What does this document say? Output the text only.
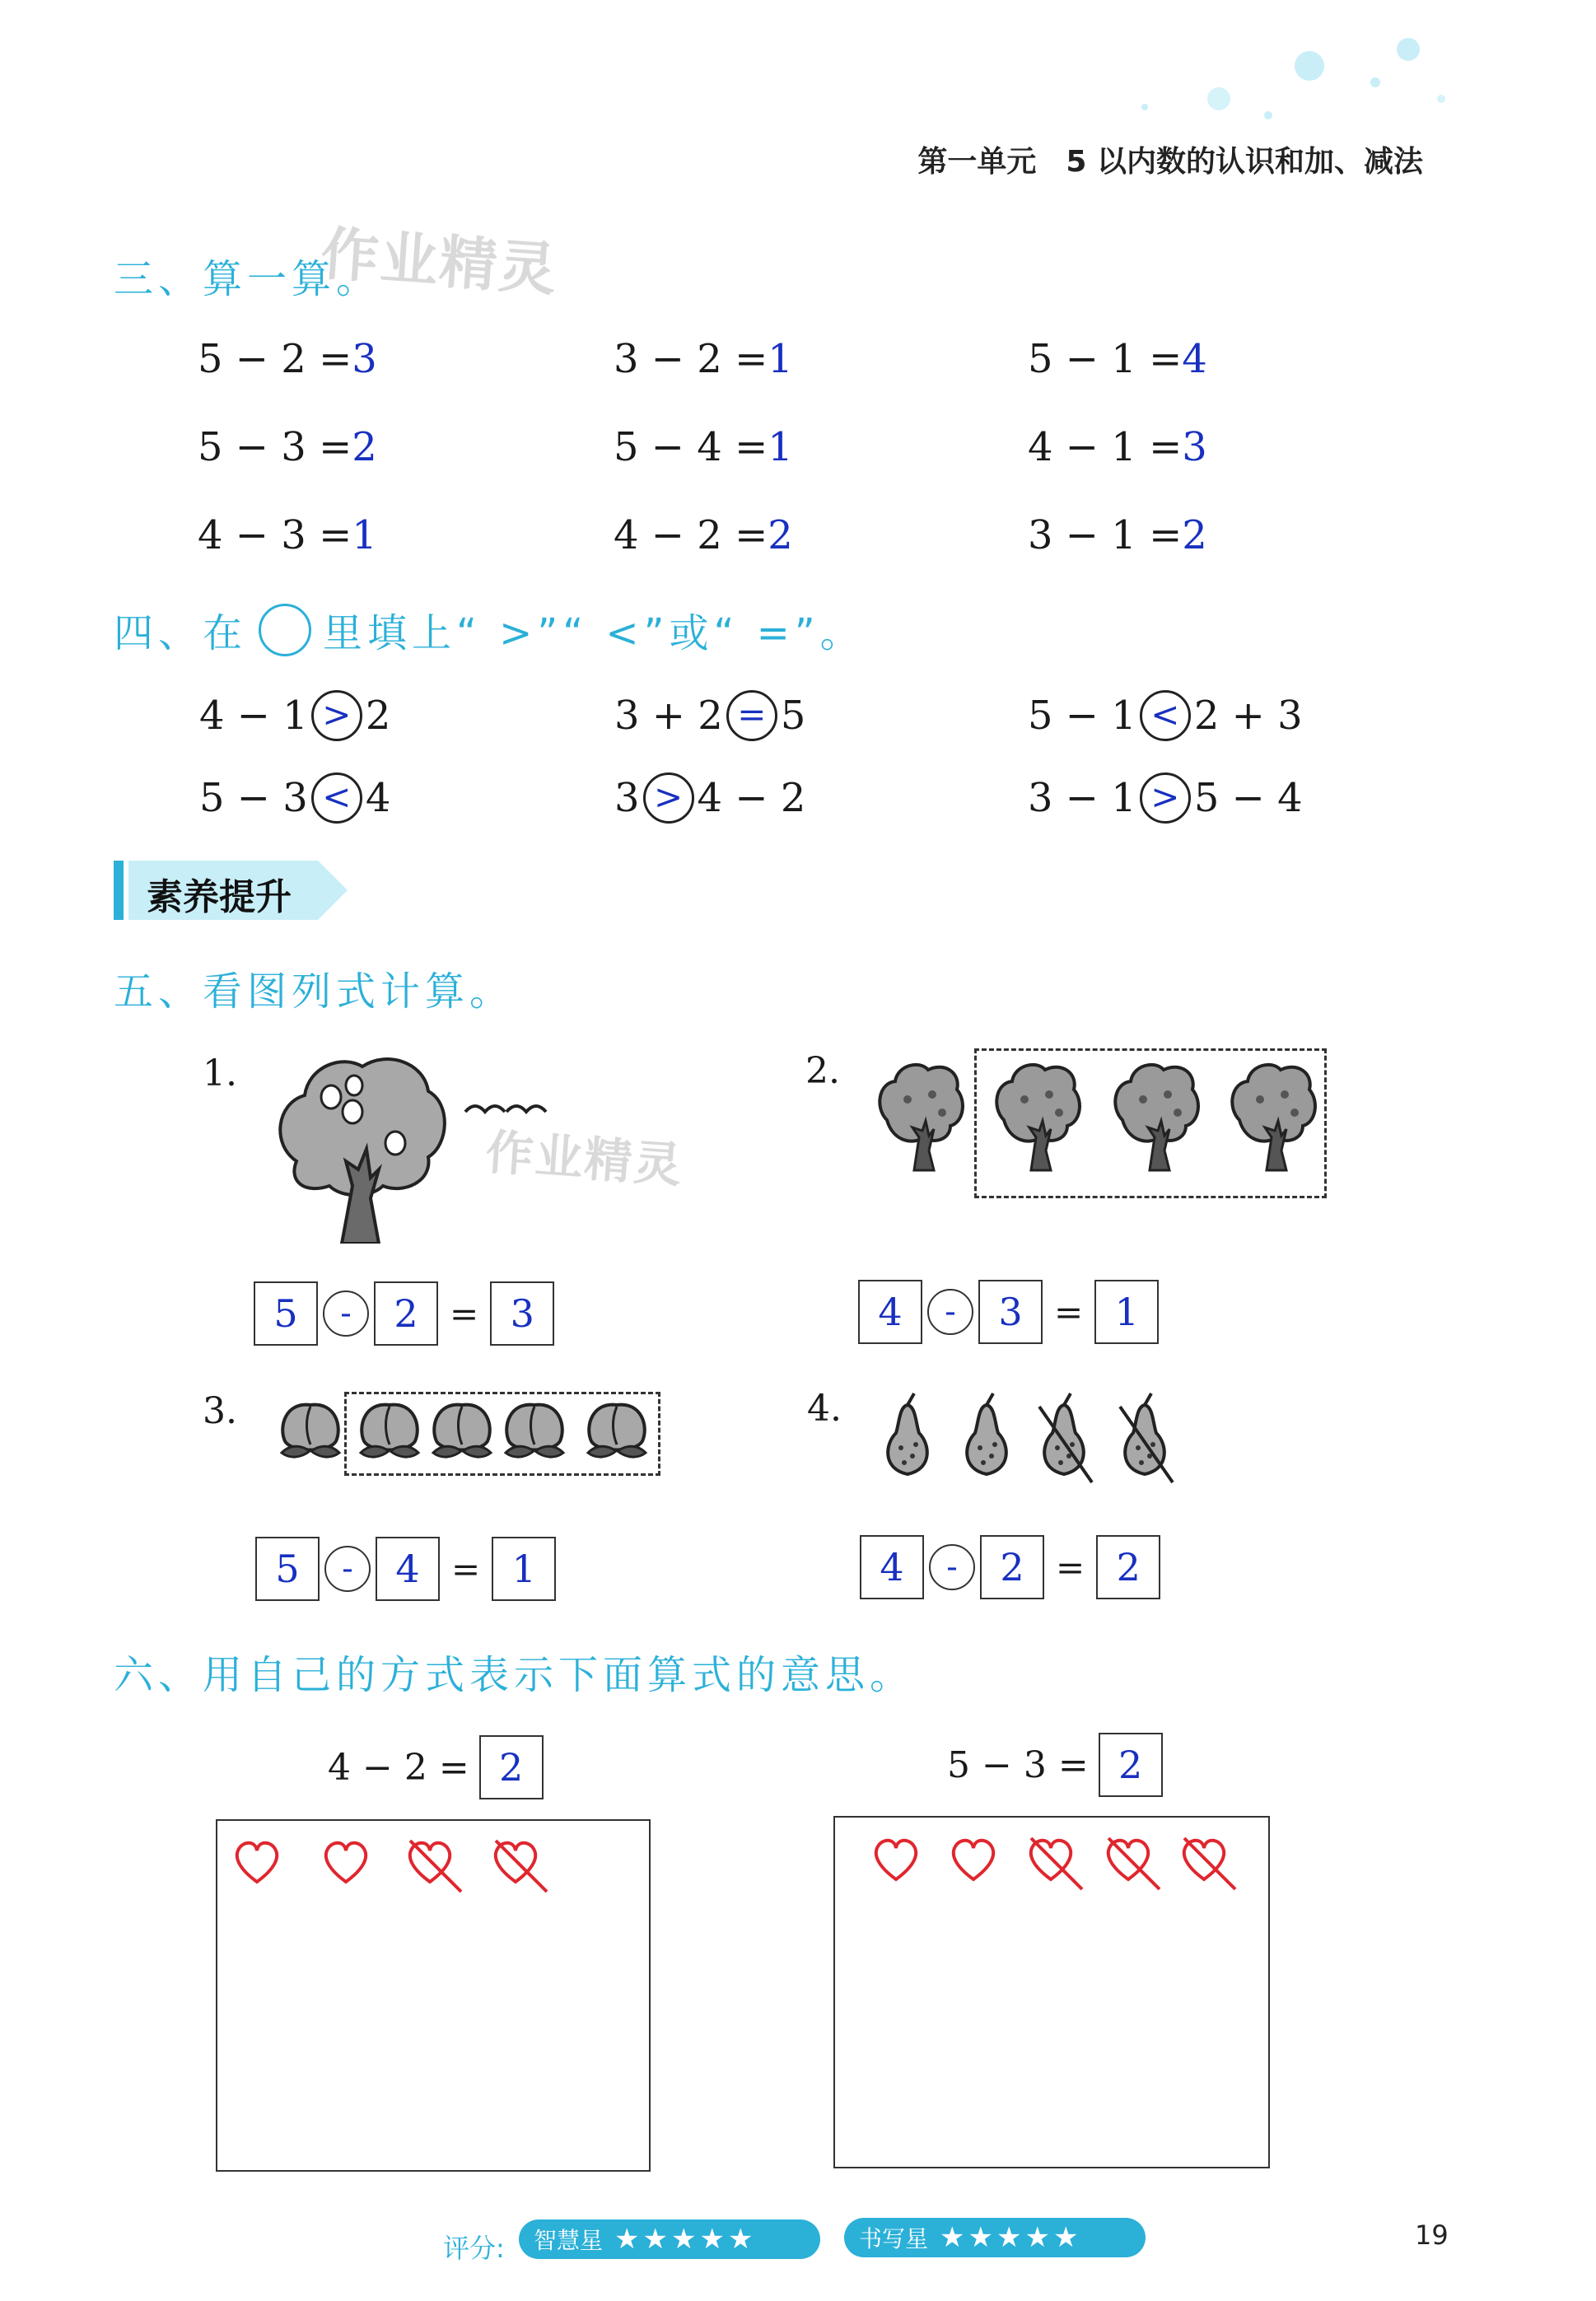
第一单元　5 以内数的认识和加、减法
三、算一算。
作业精灵
5 − 2 =3	3 − 2 =1	5 − 1 =4
5 − 3 =2	5 − 4 =1	4 − 1 =3
4 − 3 =1	4 − 2 =2	3 − 1 =2
四、在 里填上“ >”“ <”或“ =”。
4 − 1 > 2	3 + 2 = 5	5 − 1 < 2 + 3
5 − 3 < 4	3 > 4 − 2	3 − 1 > 5 − 4
素养提升
五、看图列式计算。
1.
作业精灵
2.
3.	4.
5	-	2 = 3	4	-	3 = 1
5	-	4 = 1	4	-	2 = 2
六、用自己的方式表示下面算式的意思。
4 − 2 = 2	5 − 3 = 2
评分: 智慧星 ★★★★★	书写星 ★★★★★	19
